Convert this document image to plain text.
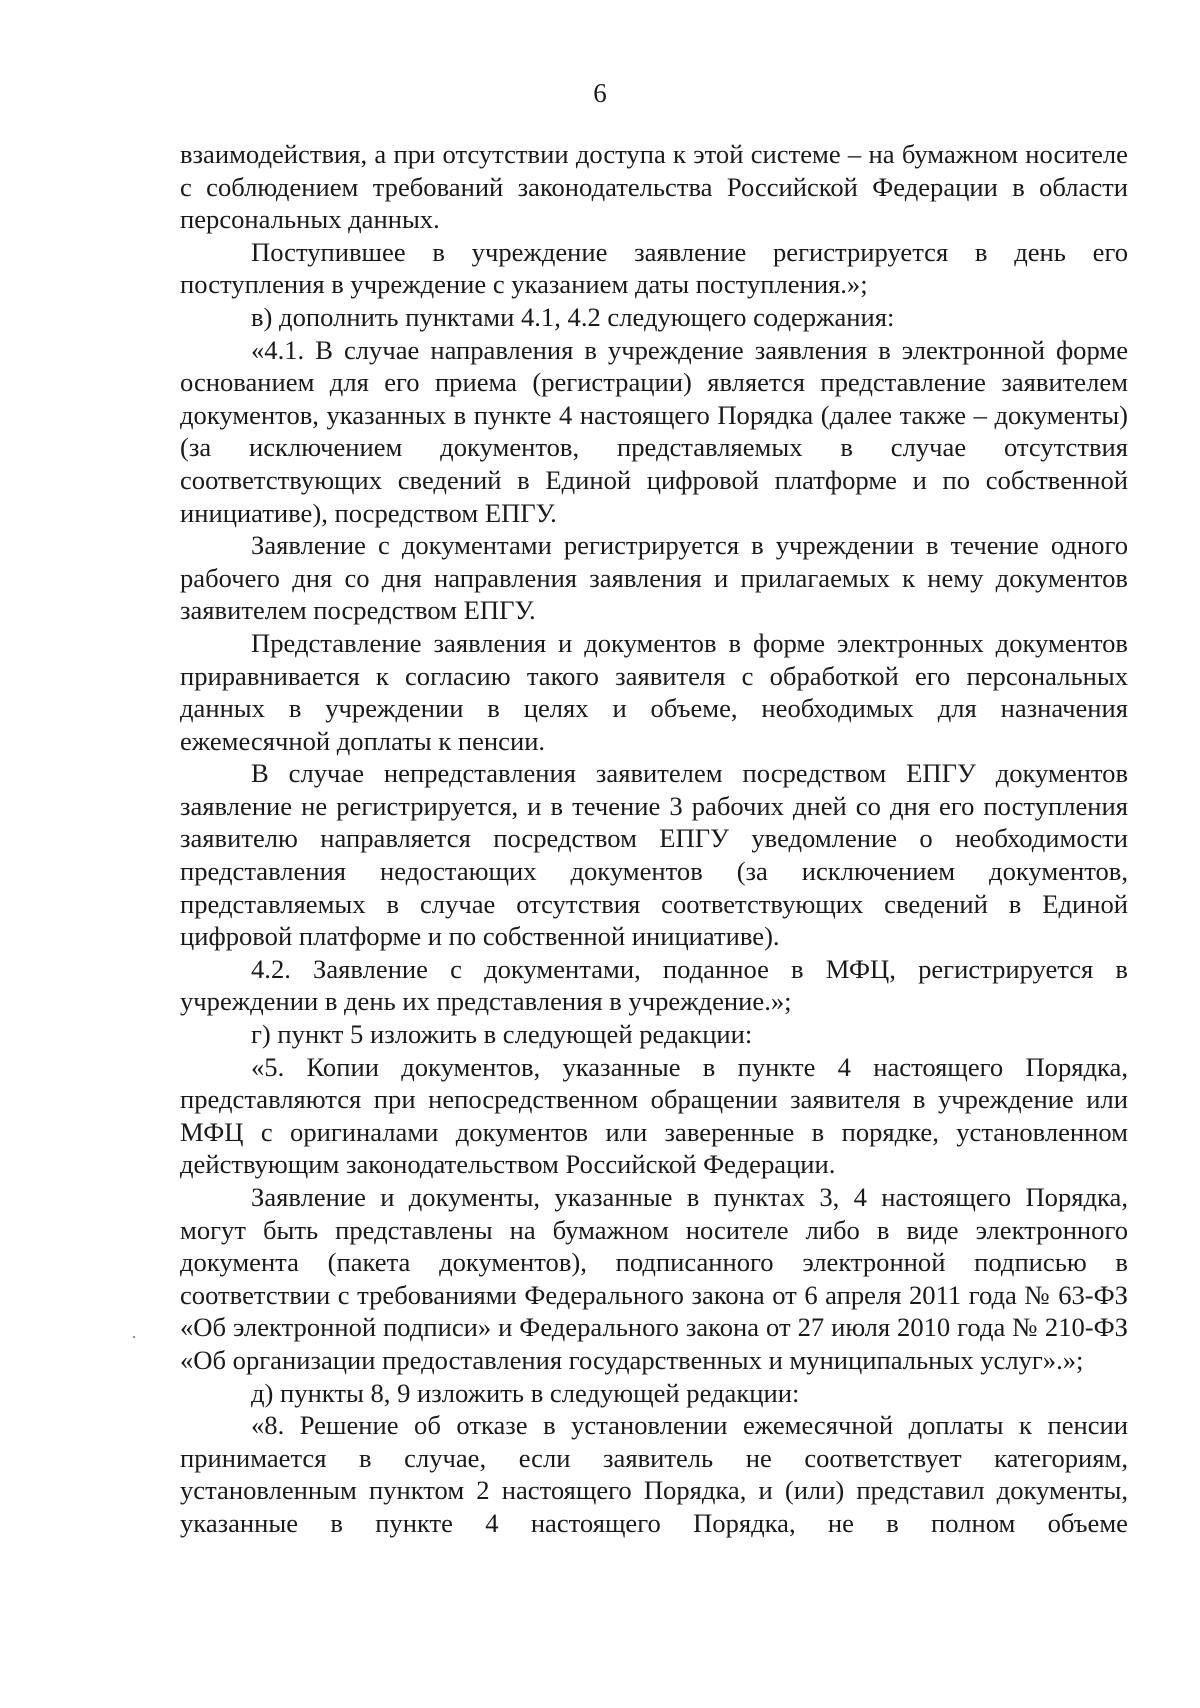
6

взаимодействия, а при отсутствии доступа к этой системе – на бумажном носителе с соблюдением требований законодательства Российской Федерации в области персональных данных.

Поступившее в учреждение заявление регистрируется в день его поступления в учреждение с указанием даты поступления.»;

в) дополнить пунктами 4.1, 4.2 следующего содержания:

«4.1. В случае направления в учреждение заявления в электронной форме основанием для его приема (регистрации) является представление заявителем документов, указанных в пункте 4 настоящего Порядка (далее также – документы) (за исключением документов, представляемых в случае отсутствия соответствующих сведений в Единой цифровой платформе и по собственной инициативе), посредством ЕПГУ.

Заявление с документами регистрируется в учреждении в течение одного рабочего дня со дня направления заявления и прилагаемых к нему документов заявителем посредством ЕПГУ.

Представление заявления и документов в форме электронных документов приравнивается к согласию такого заявителя с обработкой его персональных данных в учреждении в целях и объеме, необходимых для назначения ежемесячной доплаты к пенсии.

В случае непредставления заявителем посредством ЕПГУ документов заявление не регистрируется, и в течение 3 рабочих дней со дня его поступления заявителю направляется посредством ЕПГУ уведомление о необходимости представления недостающих документов (за исключением документов, представляемых в случае отсутствия соответствующих сведений в Единой цифровой платформе и по собственной инициативе).

4.2. Заявление с документами, поданное в МФЦ, регистрируется в учреждении в день их представления в учреждение.»;

г) пункт 5 изложить в следующей редакции:

«5. Копии документов, указанные в пункте 4 настоящего Порядка, представляются при непосредственном обращении заявителя в учреждение или МФЦ с оригиналами документов или заверенные в порядке, установленном действующим законодательством Российской Федерации.

Заявление и документы, указанные в пунктах 3, 4 настоящего Порядка, могут быть представлены на бумажном носителе либо в виде электронного документа (пакета документов), подписанного электронной подписью в соответствии с требованиями Федерального закона от 6 апреля 2011 года № 63-ФЗ «Об электронной подписи» и Федерального закона от 27 июля 2010 года № 210-ФЗ «Об организации предоставления государственных и муниципальных услуг».»;

д) пункты 8, 9 изложить в следующей редакции:

«8. Решение об отказе в установлении ежемесячной доплаты к пенсии принимается в случае, если заявитель не соответствует категориям, установленным пунктом 2 настоящего Порядка, и (или) представил документы, указанные в пункте 4 настоящего Порядка, не в полном объеме
